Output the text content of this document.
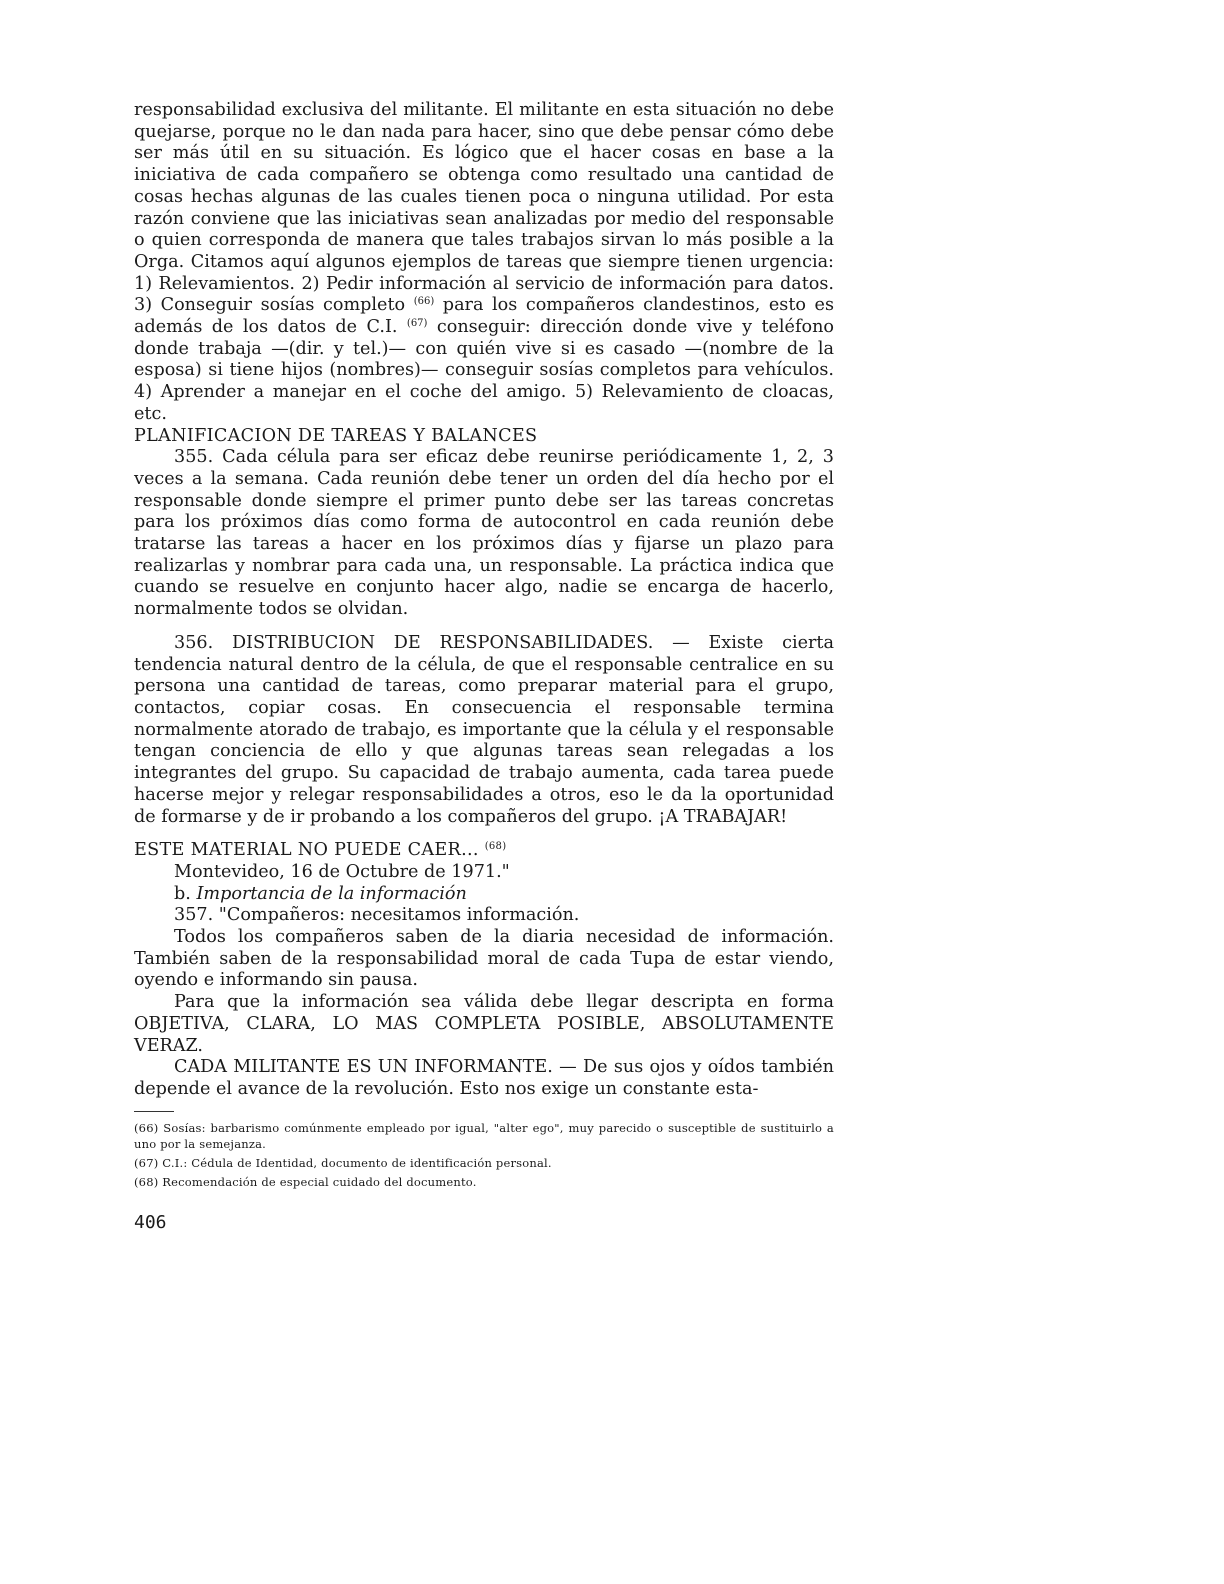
responsabilidad exclusiva del militante. El militante en esta situación no debe quejarse, porque no le dan nada para hacer, sino que debe pensar cómo debe ser más útil en su situación. Es lógico que el hacer cosas en base a la iniciativa de cada compañero se obtenga como resultado una cantidad de cosas hechas algunas de las cuales tienen poca o ninguna utilidad. Por esta razón conviene que las iniciativas sean analizadas por medio del responsable o quien corresponda de manera que tales trabajos sirvan lo más posible a la Orga. Citamos aquí algunos ejemplos de tareas que siempre tienen urgencia: 1) Relevamientos. 2) Pedir información al servicio de información para datos. 3) Conseguir sosías completo $^{(66)}$ para los compañeros clandestinos, esto es además de los datos de C.I. $^{(67)}$ conseguir: dirección donde vive y teléfono donde trabaja —(dir. y tel.)— con quién vive si es casado —(nombre de la esposa) si tiene hijos (nombres)— conseguir sosías completos para vehículos. 4) Aprender a manejar en el coche del amigo. 5) Relevamiento de cloacas, etc.

PLANIFICACION DE TAREAS Y BALANCES

355. Cada célula para ser eficaz debe reunirse periódicamente 1, 2, 3 veces a la semana. Cada reunión debe tener un orden del día hecho por el responsable donde siempre el primer punto debe ser las tareas concretas para los próximos días como forma de autocontrol en cada reunión debe tratarse las tareas a hacer en los próximos días y fijarse un plazo para realizarlas y nombrar para cada una, un responsable. La práctica indica que cuando se resuelve en conjunto hacer algo, nadie se encarga de hacerlo, normalmente todos se olvidan.

356. DISTRIBUCION DE RESPONSABILIDADES. — Existe cierta tendencia natural dentro de la célula, de que el responsable centralice en su persona una cantidad de tareas, como preparar material para el grupo, contactos, copiar cosas. En consecuencia el responsable termina normalmente atorado de trabajo, es importante que la célula y el responsable tengan conciencia de ello y que algunas tareas sean relegadas a los integrantes del grupo. Su capacidad de trabajo aumenta, cada tarea puede hacerse mejor y relegar responsabilidades a otros, eso le da la oportunidad de formarse y de ir probando a los compañeros del grupo. ¡A TRABAJAR!

ESTE MATERIAL NO PUEDE CAER... $^{(68)}$

Montevideo, 16 de Octubre de 1971."

b. Importancia de la información

357. "Compañeros: necesitamos información.

Todos los compañeros saben de la diaria necesidad de información. También saben de la responsabilidad moral de cada Tupa de estar viendo, oyendo e informando sin pausa.

Para que la información sea válida debe llegar descripta en forma OBJETIVA, CLARA, LO MAS COMPLETA POSIBLE, ABSOLUTAMENTE VERAZ.

CADA MILITANTE ES UN INFORMANTE. — De sus ojos y oídos también depende el avance de la revolución. Esto nos exige un constante esta-

(66) Sosías: barbarismo comúnmente empleado por igual, "alter ego", muy parecido o susceptible de sustituirlo a uno por la semejanza.

(67) C.I.: Cédula de Identidad, documento de identificación personal.

(68) Recomendación de especial cuidado del documento.

406
